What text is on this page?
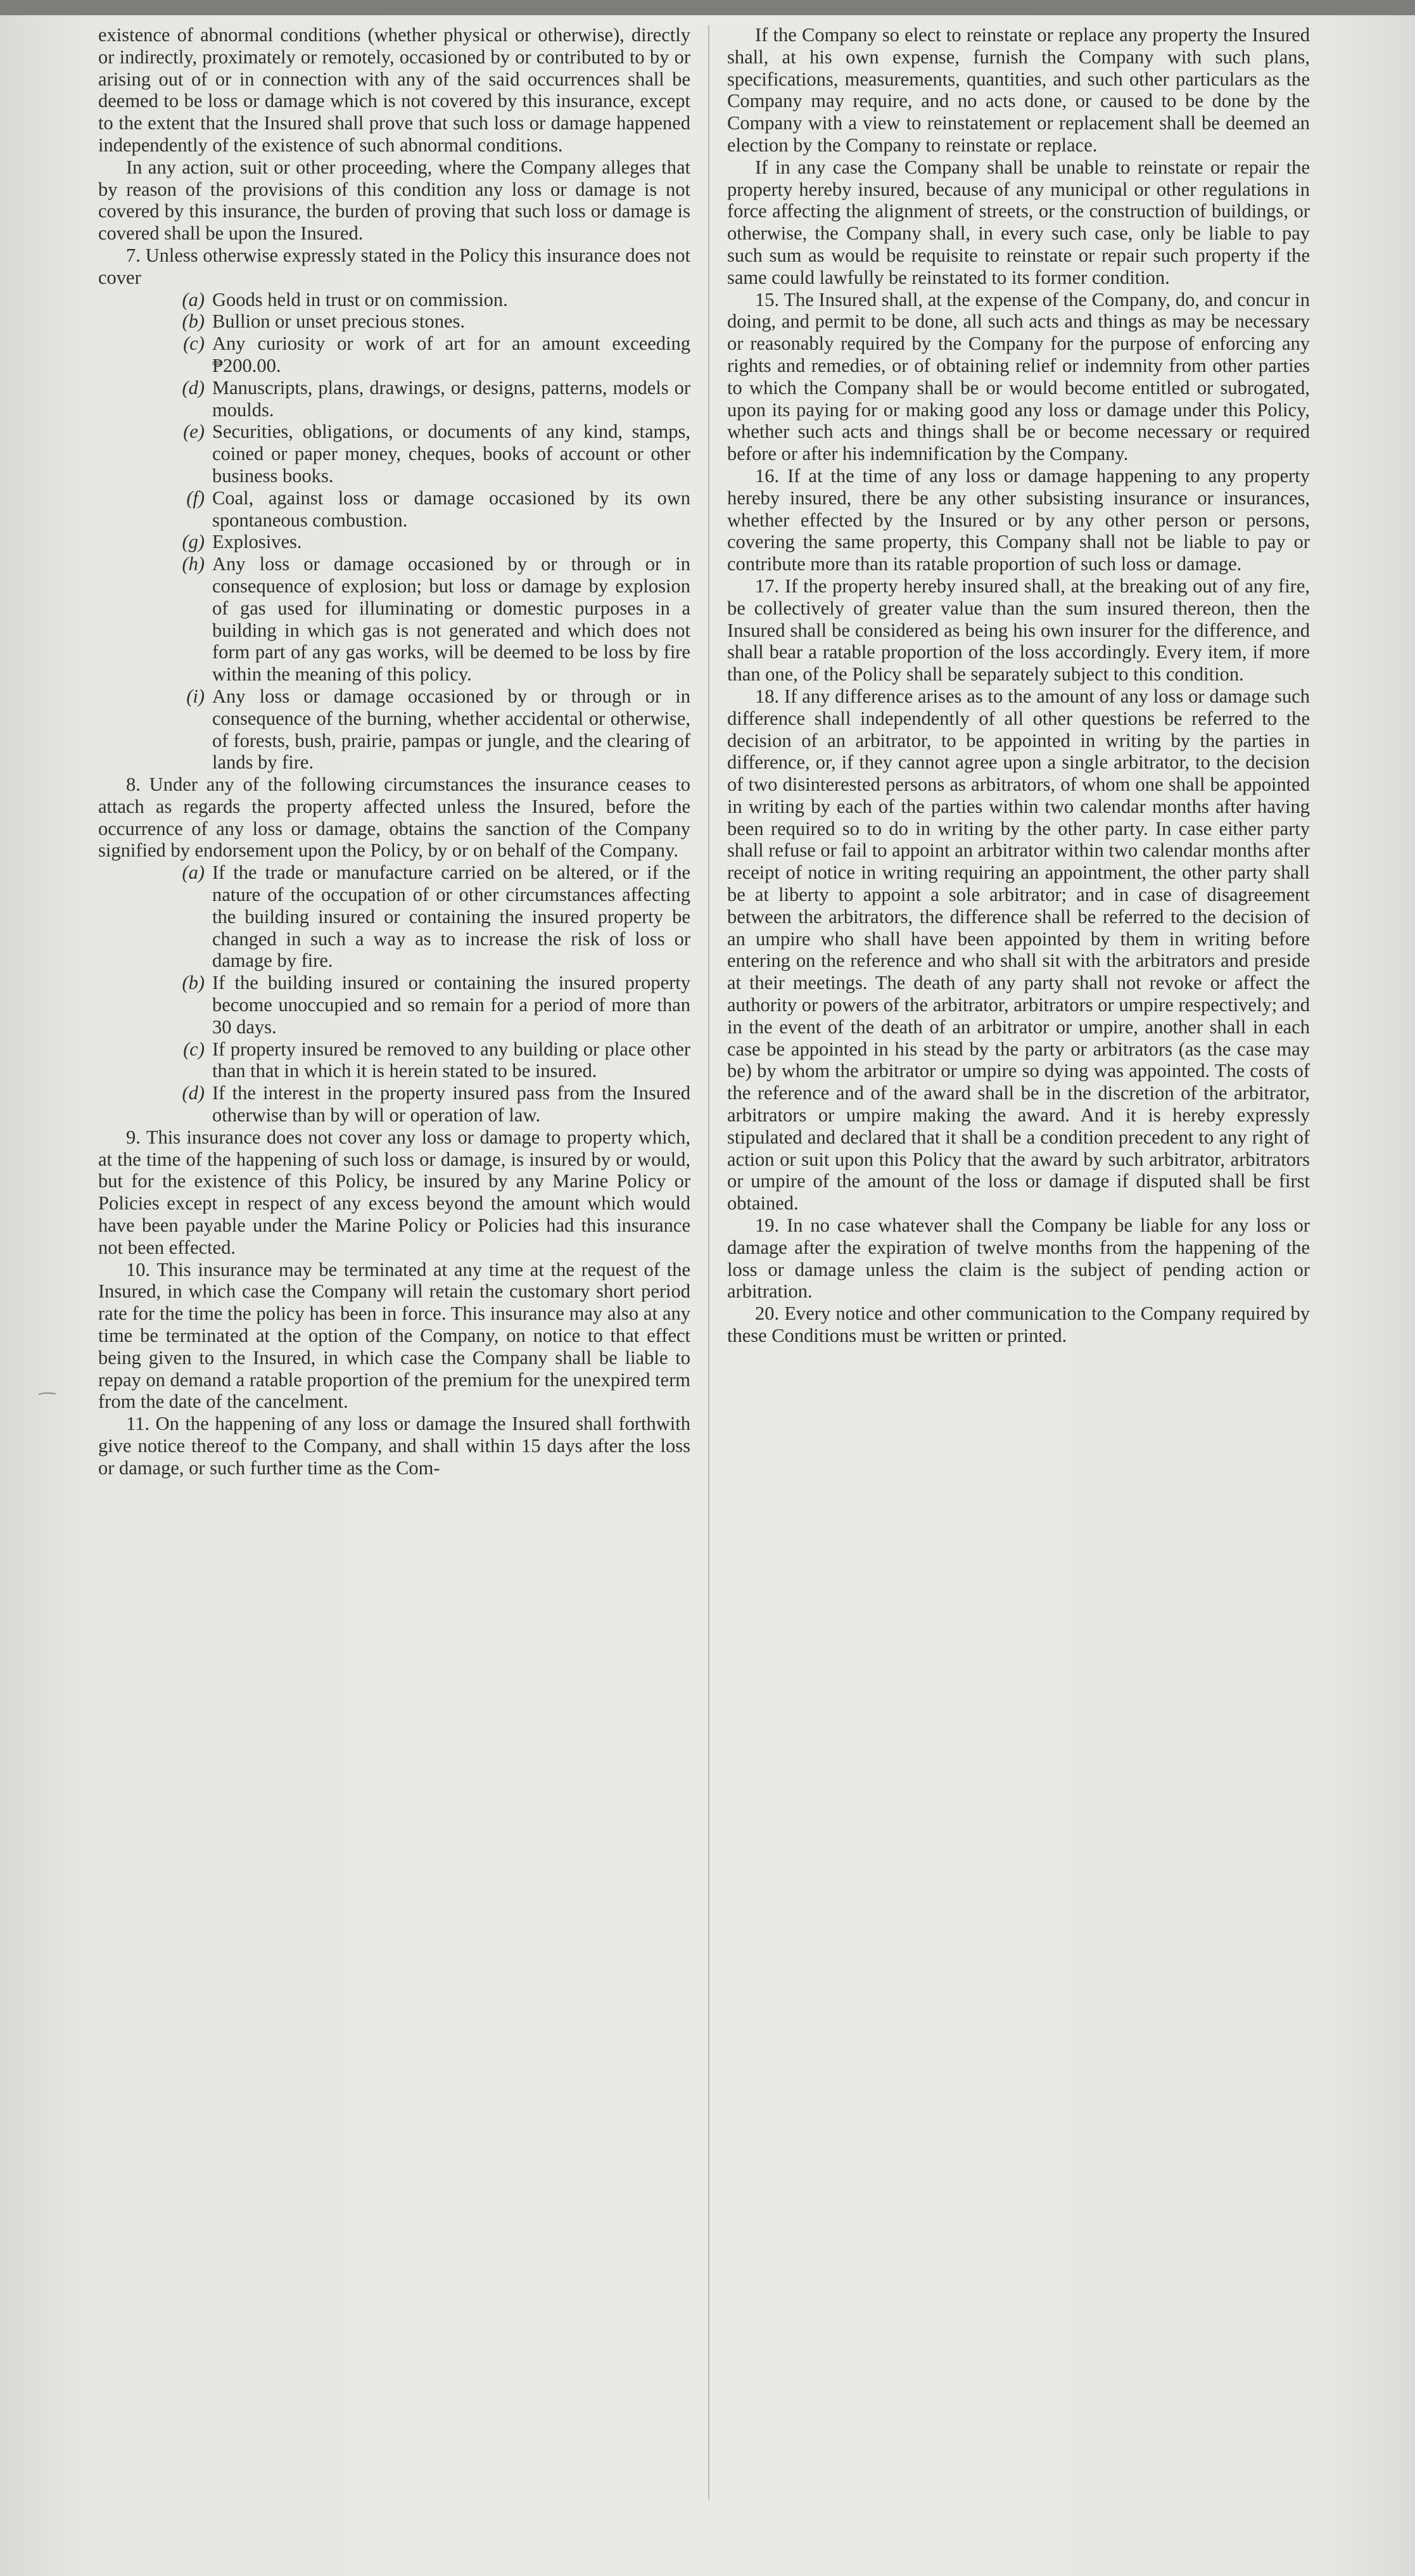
existence of abnormal conditions (whether physical or otherwise), directly or indirectly, proximately or remotely, occasioned by or contributed to by or arising out of or in connection with any of the said occurrences shall be deemed to be loss or damage which is not covered by this insurance, except to the extent that the Insured shall prove that such loss or damage happened independently of the existence of such abnormal conditions.

In any action, suit or other proceeding, where the Company alleges that by reason of the provisions of this condition any loss or damage is not covered by this insurance, the burden of proving that such loss or damage is covered shall be upon the Insured.

7. Unless otherwise expressly stated in the Policy this insurance does not cover

(a) Goods held in trust or on commission.
(b) Bullion or unset precious stones.
(c) Any curiosity or work of art for an amount exceeding ₱200.00.
(d) Manuscripts, plans, drawings, or designs, patterns, models or moulds.
(e) Securities, obligations, or documents of any kind, stamps, coined or paper money, cheques, books of account or other business books.
(f) Coal, against loss or damage occasioned by its own spontaneous combustion.
(g) Explosives.
(h) Any loss or damage occasioned by or through or in consequence of explosion; but loss or damage by explosion of gas used for illuminating or domestic purposes in a building in which gas is not generated and which does not form part of any gas works, will be deemed to be loss by fire within the meaning of this policy.
(i) Any loss or damage occasioned by or through or in consequence of the burning, whether accidental or otherwise, of forests, bush, prairie, pampas or jungle, and the clearing of lands by fire.

8. Under any of the following circumstances the insurance ceases to attach as regards the property affected unless the Insured, before the occurrence of any loss or damage, obtains the sanction of the Company signified by endorsement upon the Policy, by or on behalf of the Company.

(a) If the trade or manufacture carried on be altered, or if the nature of the occupation of or other circumstances affecting the building insured or containing the insured property be changed in such a way as to increase the risk of loss or damage by fire.
(b) If the building insured or containing the insured property become unoccupied and so remain for a period of more than 30 days.
(c) If property insured be removed to any building or place other than that in which it is herein stated to be insured.
(d) If the interest in the property insured pass from the Insured otherwise than by will or operation of law.

9. This insurance does not cover any loss or damage to property which, at the time of the happening of such loss or damage, is insured by or would, but for the existence of this Policy, be insured by any Marine Policy or Policies except in respect of any excess beyond the amount which would have been payable under the Marine Policy or Policies had this insurance not been effected.

10. This insurance may be terminated at any time at the request of the Insured, in which case the Company will retain the customary short period rate for the time the policy has been in force. This insurance may also at any time be terminated at the option of the Company, on notice to that effect being given to the Insured, in which case the Company shall be liable to repay on demand a ratable proportion of the premium for the unexpired term from the date of the cancelment.

11. On the happening of any loss or damage the Insured shall forthwith give notice thereof to the Company, and shall within 15 days after the loss or damage, or such further time as the Com-

If the Company so elect to reinstate or replace any property the Insured shall, at his own expense, furnish the Company with such plans, specifications, measurements, quantities, and such other particulars as the Company may require, and no acts done, or caused to be done by the Company with a view to reinstatement or replacement shall be deemed an election by the Company to reinstate or replace.

If in any case the Company shall be unable to reinstate or repair the property hereby insured, because of any municipal or other regulations in force affecting the alignment of streets, or the construction of buildings, or otherwise, the Company shall, in every such case, only be liable to pay such sum as would be requisite to reinstate or repair such property if the same could lawfully be reinstated to its former condition.

15. The Insured shall, at the expense of the Company, do, and concur in doing, and permit to be done, all such acts and things as may be necessary or reasonably required by the Company for the purpose of enforcing any rights and remedies, or of obtaining relief or indemnity from other parties to which the Company shall be or would become entitled or subrogated, upon its paying for or making good any loss or damage under this Policy, whether such acts and things shall be or become necessary or required before or after his indemnification by the Company.

16. If at the time of any loss or damage happening to any property hereby insured, there be any other subsisting insurance or insurances, whether effected by the Insured or by any other person or persons, covering the same property, this Company shall not be liable to pay or contribute more than its ratable proportion of such loss or damage.

17. If the property hereby insured shall, at the breaking out of any fire, be collectively of greater value than the sum insured thereon, then the Insured shall be considered as being his own insurer for the difference, and shall bear a ratable proportion of the loss accordingly. Every item, if more than one, of the Policy shall be separately subject to this condition.

18. If any difference arises as to the amount of any loss or damage such difference shall independently of all other questions be referred to the decision of an arbitrator, to be appointed in writing by the parties in difference, or, if they cannot agree upon a single arbitrator, to the decision of two disinterested persons as arbitrators, of whom one shall be appointed in writing by each of the parties within two calendar months after having been required so to do in writing by the other party. In case either party shall refuse or fail to appoint an arbitrator within two calendar months after receipt of notice in writing requiring an appointment, the other party shall be at liberty to appoint a sole arbitrator; and in case of disagreement between the arbitrators, the difference shall be referred to the decision of an umpire who shall have been appointed by them in writing before entering on the reference and who shall sit with the arbitrators and preside at their meetings. The death of any party shall not revoke or affect the authority or powers of the arbitrator, arbitrators or umpire respectively; and in the event of the death of an arbitrator or umpire, another shall in each case be appointed in his stead by the party or arbitrators (as the case may be) by whom the arbitrator or umpire so dying was appointed. The costs of the reference and of the award shall be in the discretion of the arbitrator, arbitrators or umpire making the award. And it is hereby expressly stipulated and declared that it shall be a condition precedent to any right of action or suit upon this Policy that the award by such arbitrator, arbitrators or umpire of the amount of the loss or damage if disputed shall be first obtained.

19. In no case whatever shall the Company be liable for any loss or damage after the expiration of twelve months from the happening of the loss or damage unless the claim is the subject of pending action or arbitration.

20. Every notice and other communication to the Company required by these Conditions must be written or printed.
